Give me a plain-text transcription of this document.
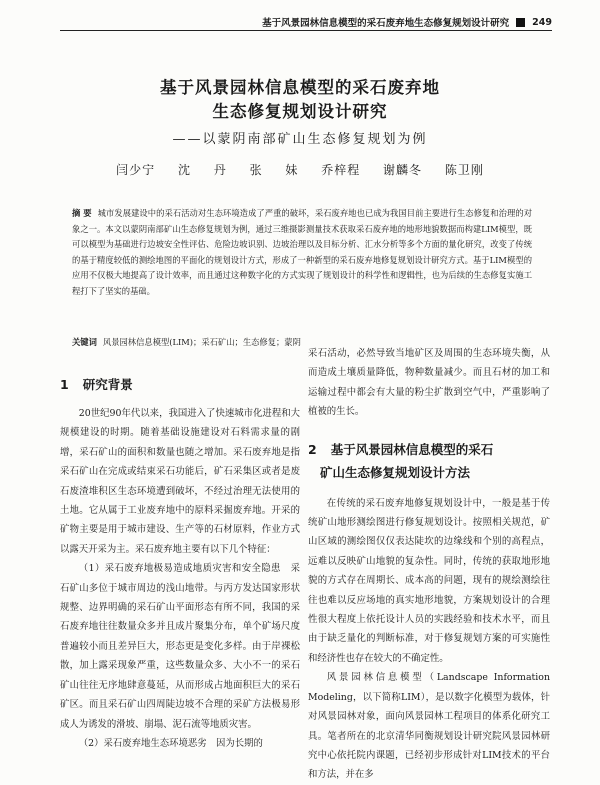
基于风景园林信息模型的采石废弃地生态修复规划设计研究 249
基于风景园林信息模型的采石废弃地
生态修复规划设计研究
——以蒙阴南部矿山生态修复规划为例
闫少宁 沈 丹 张 妹 乔梓程 谢麟冬 陈卫刚
摘 要 城市发展建设中的采石活动对生态环境造成了严重的破坏，采石废弃地也已成为我国目前主要进行生态修复和治理的对象之一。本文以蒙阴南部矿山生态修复规划为例，通过三维摄影测量技术获取采石废弃地的地形地貌数据而构建LIM模型，既可以模型为基础进行边坡安全性评估、危险边坡识别、边坡治理以及目标分析、汇水分析等多个方面的量化研究，改变了传统的基于精度较低的测绘地图的平面化的规划设计方式，形成了一种新型的采石废弃地修复规划设计研究方式。基于LIM模型的应用不仅极大地提高了设计效率，而且通过这种数字化的方式实现了规划设计的科学性和逻辑性，也为后续的生态修复实施工程打下了坚实的基础。
关键词 风景园林信息模型(LIM)；采石矿山；生态修复；蒙阴
1 研究背景

20世纪90年代以来，我国进入了快速城市化进程和大规模建设的时期。随着基础设施建设对石料需求量的剧增，采石矿山的面积和数量也随之增加。采石废弃地是指采石矿山在完成或结束采石功能后，矿石采集区或者是废石废渣堆积区生态环境遭到破坏，不经过治理无法使用的土地。它从属于工业废弃地中的原料采掘废弃地。开采的矿物主要是用于城市建设、生产等的石材原料，作业方式以露天开采为主。采石废弃地主要有以下几个特征：

（1）采石废弃地极易造成地质灾害和安全隐患　采石矿山多位于城市周边的浅山地带。与丙方发达国家形状规整、边界明确的采石矿山平面形态有所不同，我国的采石废弃地往往数量众多并且成片聚集分布，单个矿场尺度普遍较小而且差异巨大，形态更是变化多样。由于岸裸松散，加上露采现象严重，这些数量众多、大小不一的采石矿山往往无序地肆意蔓延，从而形成占地面积巨大的采石矿区。而且采石矿山四周陡边坡不合理的采矿方法极易形成人为诱发的滑坡、崩塌、泥石流等地质灾害。

（2）采石废弃地生态环境恶劣　因为长期的

采石活动，必然导致当地矿区及周围的生态环境失衡，从而造成土壤质量降低，物种数量减少。而且石材的加工和运输过程中都会有大量的粉尘扩散到空气中，严重影响了植被的生长。

2 基于风景园林信息模型的采石
矿山生态修复规划设计方法

在传统的采石废弃地修复规划设计中，一般是基于传统矿山地形测绘图进行修复规划设计。按照相关规范，矿山区域的测绘图仅仅表达陡坎的边缘线和个别的高程点，远难以反映矿山地貌的复杂性。同时，传统的获取地形地貌的方式存在周期长、成本高的问题，现有的规绘测绘往往也难以反应场地的真实地形地貌，方案规划设计的合理性很大程度上依托设计人员的实践经验和技术水平，而且由于缺乏量化的判断标准，对于修复规划方案的可实施性和经济性也存在较大的不确定性。

风景园林信息模型（Landscape Information Modeling，以下简称LIM），是以数字化模型为载体，针对风景园林对象，面向风景园林工程项目的体系化研究工具。笔者所在的北京清华同衡规划设计研究院风景园林研究中心依托院内课题，已经初步形成针对LIM技术的平台和方法，并在多
